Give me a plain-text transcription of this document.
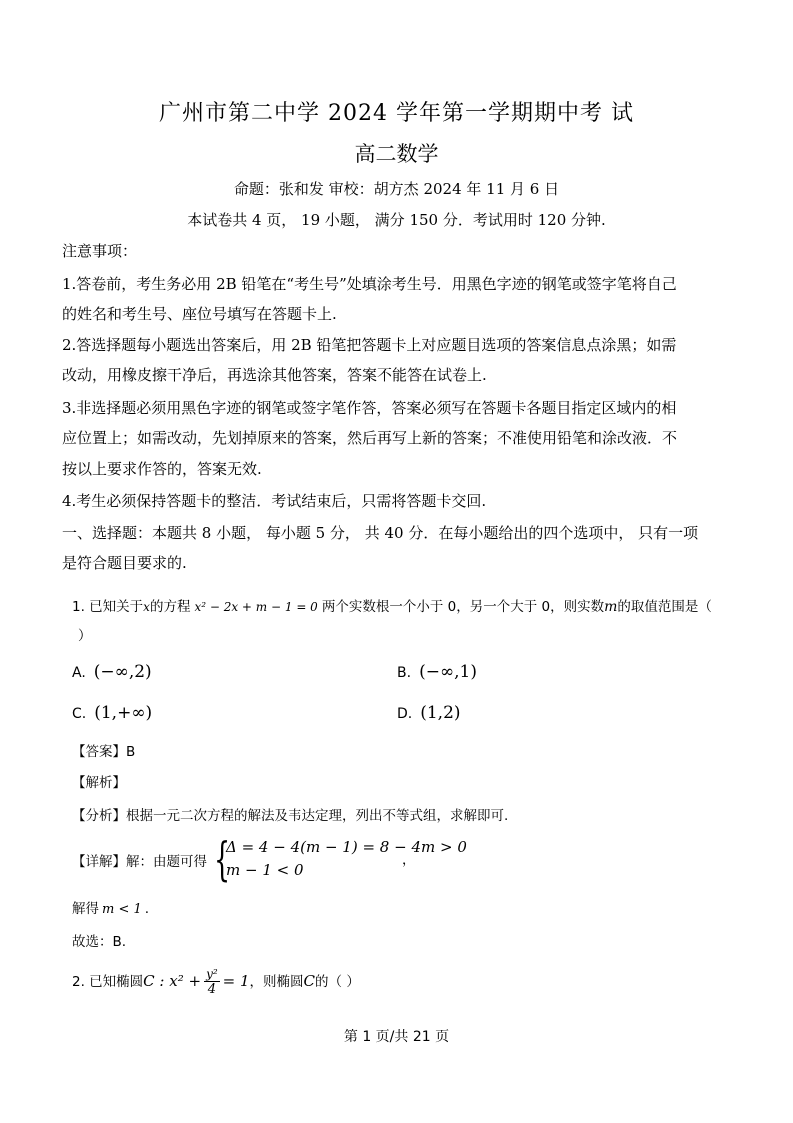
广州市第二中学 2024 学年第一学期期中考 试
高二数学
命题：张和发 审校：胡方杰 2024 年 11 月 6 日
本试卷共 4 页， 19 小题， 满分 150 分．考试用时 120 分钟.
注意事项：
1.答卷前，考生务必用 2B 铅笔在“考生号”处填涂考生号．用黑色字迹的钢笔或签字笔将自己
的姓名和考生号、座位号填写在答题卡上.
2.答选择题每小题选出答案后，用 2B 铅笔把答题卡上对应题目选项的答案信息点涂黑；如需
改动，用橡皮擦干净后，再选涂其他答案，答案不能答在试卷上.
3.非选择题必须用黑色字迹的钢笔或签字笔作答，答案必须写在答题卡各题目指定区域内的相
应位置上；如需改动，先划掉原来的答案，然后再写上新的答案；不准使用铅笔和涂改液．不
按以上要求作答的，答案无效.
4.考生必须保持答题卡的整洁．考试结束后，只需将答题卡交回.
一、选择题：本题共 8 小题， 每小题 5 分， 共 40 分．在每小题给出的四个选项中， 只有一项
是符合题目要求的.
1. 已知关于x的方程 x² − 2x + m − 1 = 0 两个实数根一个小于 0，另一个大于 0，则实数m的取值范围是（
）
A. (−∞,2)	B. (−∞,1)
C. (1,+∞)	D. (1,2)
【答案】B
【解析】
【分析】根据一元二次方程的解法及韦达定理，列出不等式组，求解即可.
【详解】解：由题可得 {
Δ = 4 − 4(m − 1) = 8 − 4m > 0
m − 1 < 0
，
解得 m < 1 .
故选：B.
2. 已知椭圆C : $x^2 + \frac{\text{y²}}{4} = 1$，则椭圆C的（ ）
第 1 页/共 21 页
